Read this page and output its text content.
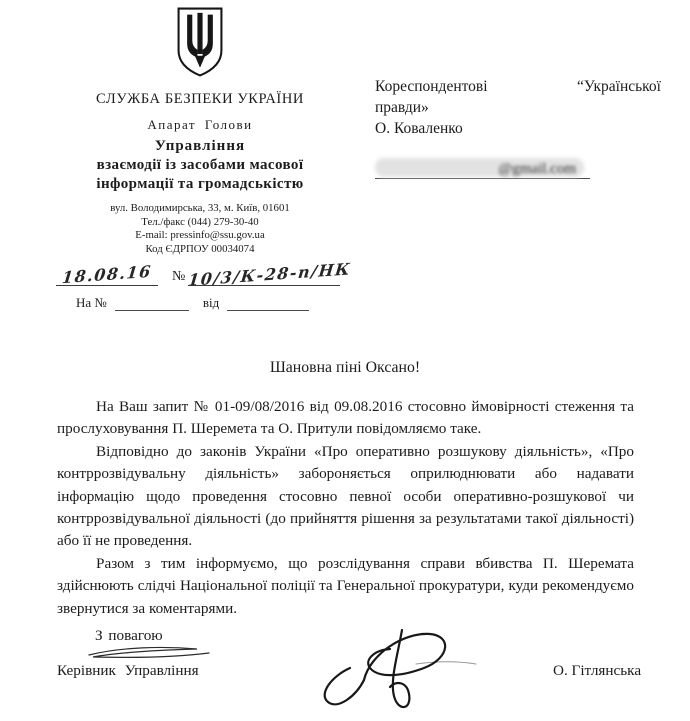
СЛУЖБА БЕЗПЕКИ УКРАЇНИ
Апарат Голови
Управління
взаємодії із засобами масової
інформації та громадськістю
вул. Володимирська, 33, м. Київ, 01601
Тел./факс (044) 279-30-40
E-mail: pressinfo@ssu.gov.ua
Код ЄДРПОУ 00034074
18.08.16	№ 10/3/К-28-п/НК
На №	від
Кореспондентові	“Української
правди»
О. Коваленко
@gmail.com
Шановна піні Оксано!

На Ваш запит № 01-09/08/2016 від 09.08.2016 стосовно ймовірності стеження та прослуховування П. Шеремета та О. Притули повідомляємо таке.

Відповідно до законів України «Про оперативно розшукову діяльність», «Про контррозвідувальну діяльність» забороняється оприлюднювати або надавати інформацію щодо проведення стосовно певної особи оперативно-розшукової чи контррозвідувальної діяльності (до прийняття рішення за результатами такої діяльності) або її не проведення.

Разом з тим інформуємо, що розслідування справи вбивства П. Шеремата здійснюють слідчі Національної поліції та Генеральної прокуратури, куди рекомендуємо звернутися за коментарями.

З повагою
Керівник Управління	О. Гітлянська
